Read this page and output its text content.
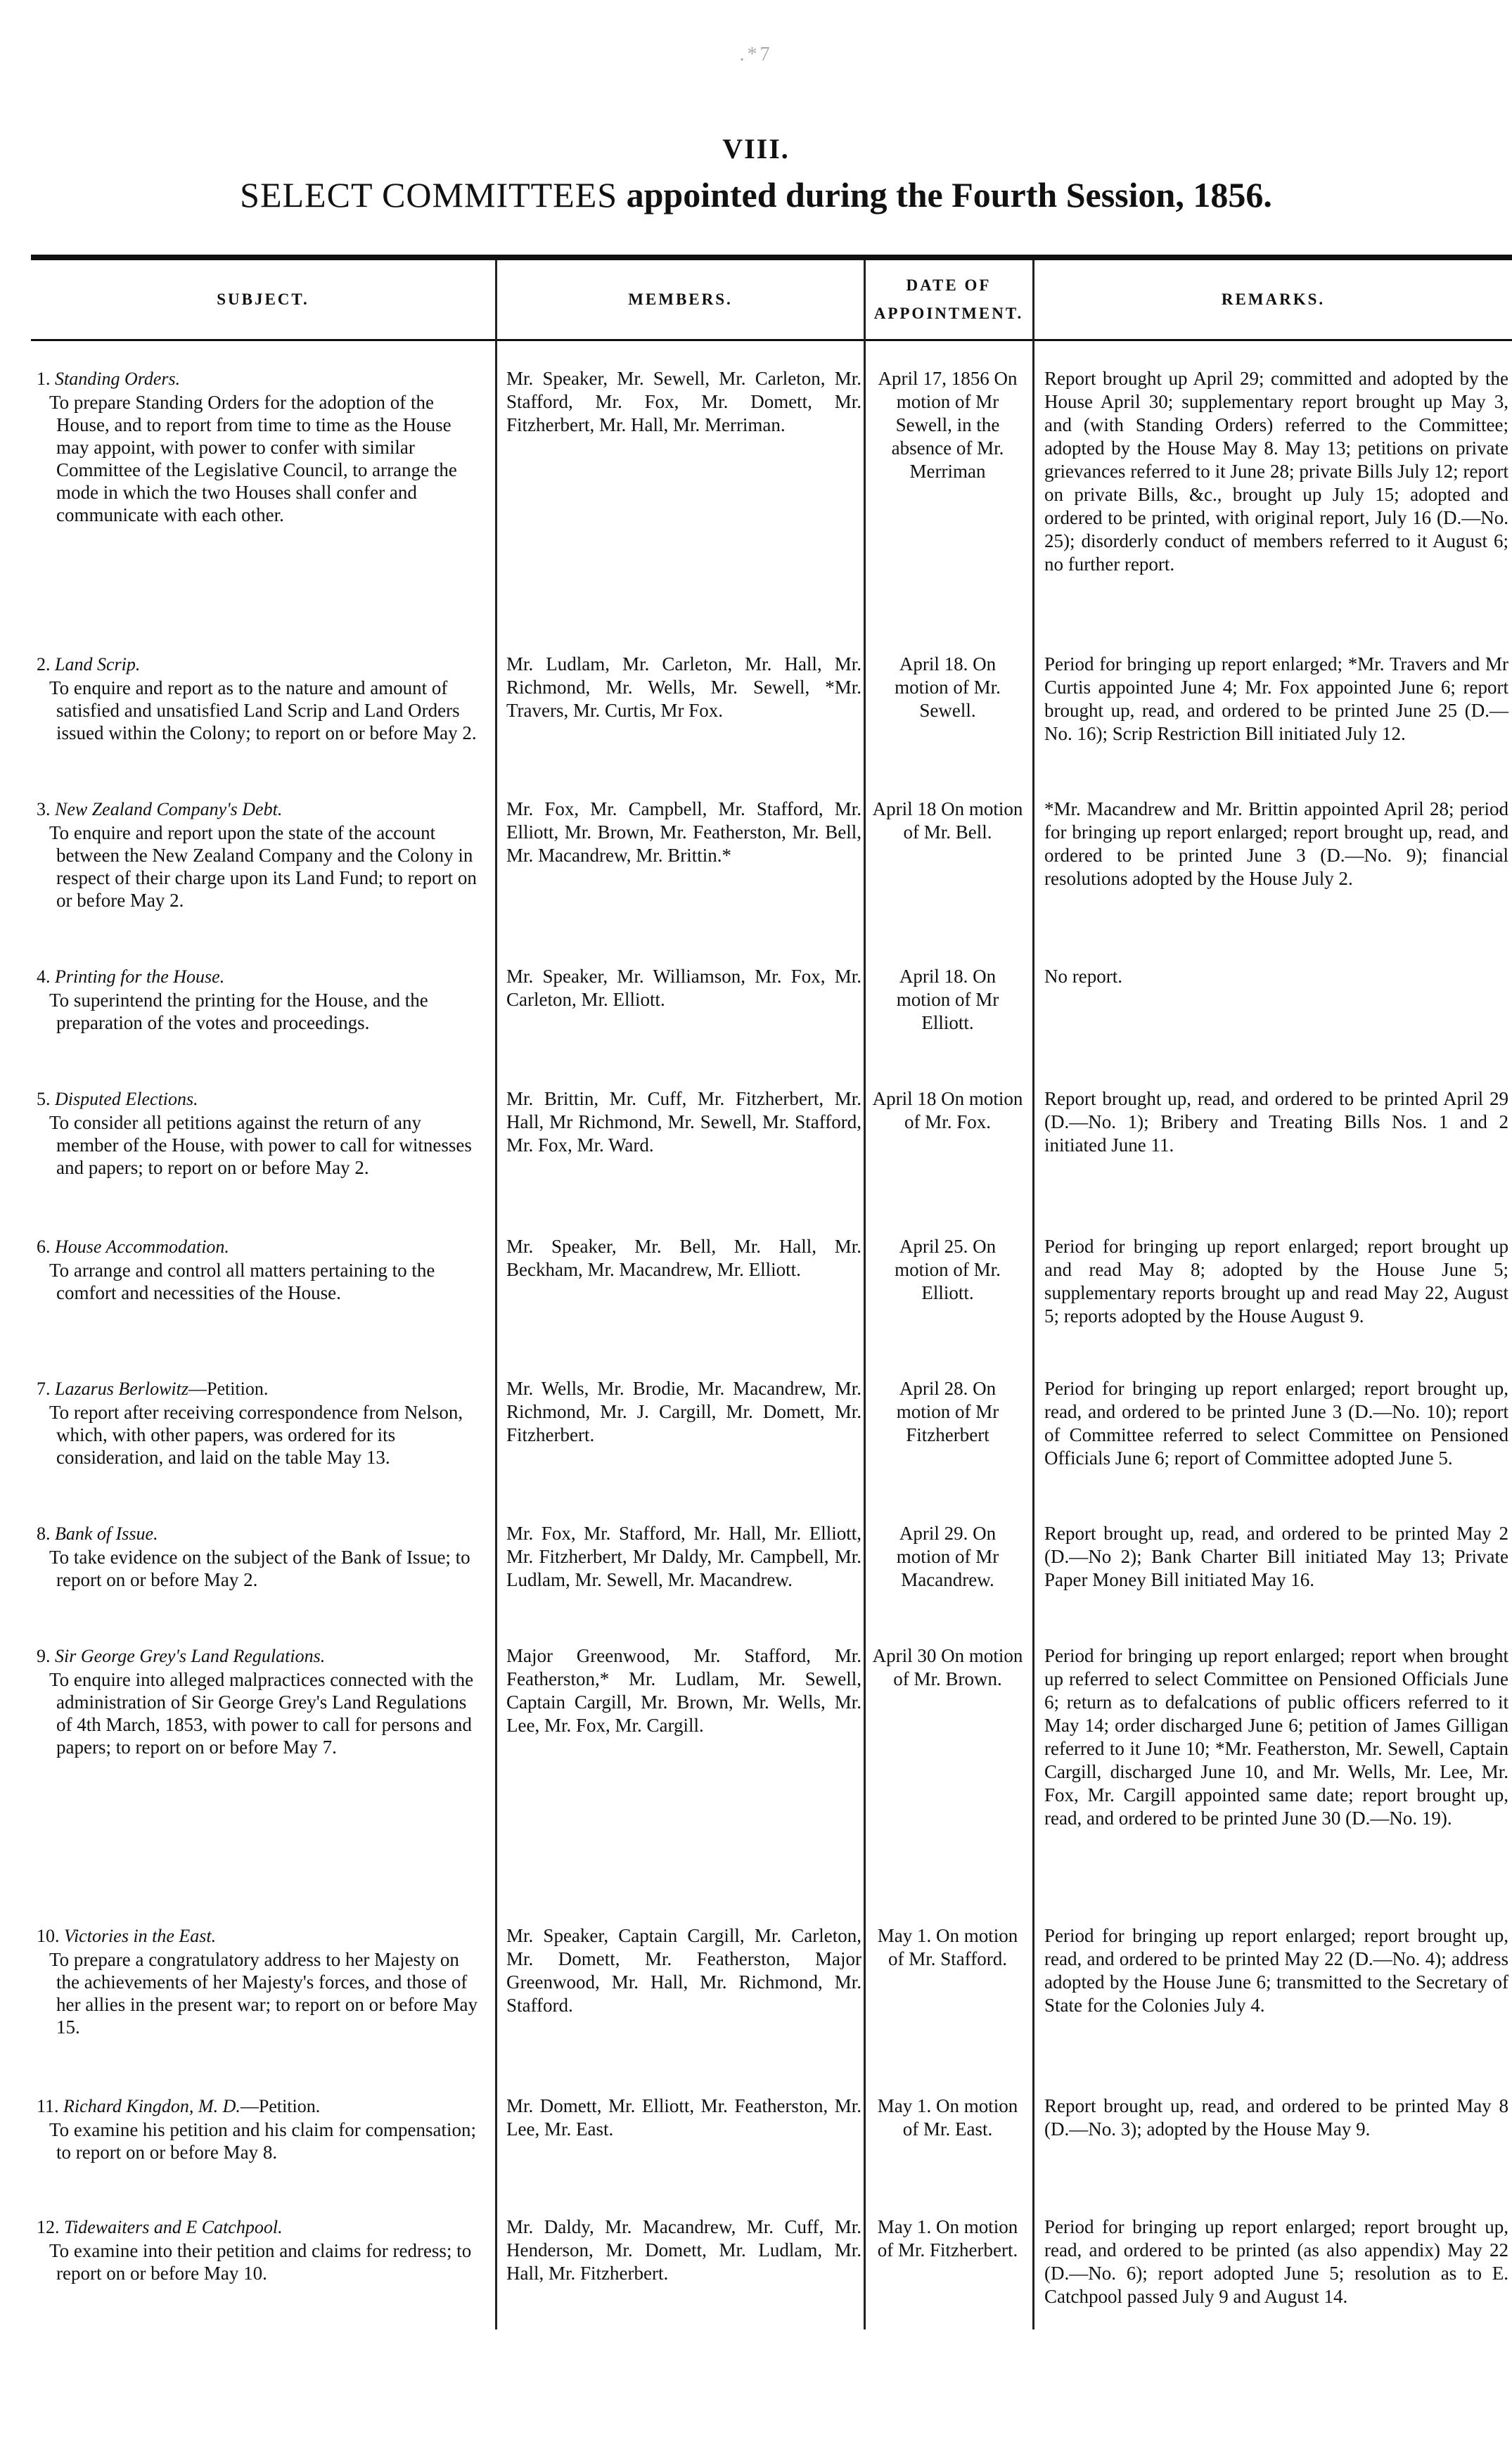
.*7
VIII.
SELECT COMMITTEES appointed during the Fourth Session, 1856.
SUBJECT.	MEMBERS.
DATE OF APPOINTMENT.
REMARKS.
1. Standing Orders.
To prepare Standing Orders for the adoption of the House, and to report from time to time as the House may appoint, with power to confer with similar Committee of the Legislative Council, to arrange the mode in which the two Houses shall confer and communicate with each other.
Mr. Speaker, Mr. Sewell, Mr. Carleton, Mr. Stafford, Mr. Fox, Mr. Domett, Mr. Fitzherbert, Mr. Hall, Mr. Merriman.
April 17, 1856 On motion of Mr Sewell, in the absence of Mr. Merriman
Report brought up April 29; committed and adopted by the House April 30; supplementary report brought up May 3, and (with Standing Orders) referred to the Committee; adopted by the House May 8. May 13; petitions on private grievances referred to it June 28; private Bills July 12; report on private Bills, &c., brought up July 15; adopted and ordered to be printed, with original report, July 16 (D.—No. 25); disorderly conduct of members referred to it August 6; no further report.
2. Land Scrip.
To enquire and report as to the nature and amount of satisfied and unsatisfied Land Scrip and Land Orders issued within the Colony; to report on or before May 2.
Mr. Ludlam, Mr. Carleton, Mr. Hall, Mr. Richmond, Mr. Wells, Mr. Sewell, *Mr. Travers, Mr. Curtis, Mr Fox.
April 18. On motion of Mr. Sewell.
Period for bringing up report enlarged; *Mr. Travers and Mr Curtis appointed June 4; Mr. Fox appointed June 6; report brought up, read, and ordered to be printed June 25 (D.—No. 16); Scrip Restriction Bill initiated July 12.
3. New Zealand Company's Debt.
To enquire and report upon the state of the account between the New Zealand Company and the Colony in respect of their charge upon its Land Fund; to report on or before May 2.
Mr. Fox, Mr. Campbell, Mr. Stafford, Mr. Elliott, Mr. Brown, Mr. Featherston, Mr. Bell, Mr. Macandrew, Mr. Brittin.*
April 18 On motion of Mr. Bell.
*Mr. Macandrew and Mr. Brittin appointed April 28; period for bringing up report enlarged; report brought up, read, and ordered to be printed June 3 (D.—No. 9); financial resolutions adopted by the House July 2.
4. Printing for the House.
To superintend the printing for the House, and the preparation of the votes and proceedings.
Mr. Speaker, Mr. Williamson, Mr. Fox, Mr. Carleton, Mr. Elliott.
April 18. On motion of Mr Elliott.
No report.
5. Disputed Elections.
To consider all petitions against the return of any member of the House, with power to call for witnesses and papers; to report on or before May 2.
Mr. Brittin, Mr. Cuff, Mr. Fitzherbert, Mr. Hall, Mr Richmond, Mr. Sewell, Mr. Stafford, Mr. Fox, Mr. Ward.
April 18 On motion of Mr. Fox.
Report brought up, read, and ordered to be printed April 29 (D.—No. 1); Bribery and Treating Bills Nos. 1 and 2 initiated June 11.
6. House Accommodation.
To arrange and control all matters pertaining to the comfort and necessities of the House.
Mr. Speaker, Mr. Bell, Mr. Hall, Mr. Beckham, Mr. Macandrew, Mr. Elliott.
April 25. On motion of Mr. Elliott.
Period for bringing up report enlarged; report brought up and read May 8; adopted by the House June 5; supplementary reports brought up and read May 22, August 5; reports adopted by the House August 9.
7. Lazarus Berlowitz—Petition.
To report after receiving correspondence from Nelson, which, with other papers, was ordered for its consideration, and laid on the table May 13.
Mr. Wells, Mr. Brodie, Mr. Macandrew, Mr. Richmond, Mr. J. Cargill, Mr. Domett, Mr. Fitzherbert.
April 28. On motion of Mr Fitzherbert
Period for bringing up report enlarged; report brought up, read, and ordered to be printed June 3 (D.—No. 10); report of Committee referred to select Committee on Pensioned Officials June 6; report of Committee adopted June 5.
8. Bank of Issue.
To take evidence on the subject of the Bank of Issue; to report on or before May 2.
Mr. Fox, Mr. Stafford, Mr. Hall, Mr. Elliott, Mr. Fitzherbert, Mr Daldy, Mr. Campbell, Mr. Ludlam, Mr. Sewell, Mr. Macandrew.
April 29. On motion of Mr Macandrew.
Report brought up, read, and ordered to be printed May 2 (D.—No 2); Bank Charter Bill initiated May 13; Private Paper Money Bill initiated May 16.
9. Sir George Grey's Land Regulations.
To enquire into alleged malpractices connected with the administration of Sir George Grey's Land Regulations of 4th March, 1853, with power to call for persons and papers; to report on or before May 7.
Major Greenwood, Mr. Stafford, Mr. Featherston,* Mr. Ludlam, Mr. Sewell, Captain Cargill, Mr. Brown, Mr. Wells, Mr. Lee, Mr. Fox, Mr. Cargill.
April 30 On motion of Mr. Brown.
Period for bringing up report enlarged; report when brought up referred to select Committee on Pensioned Officials June 6; return as to defalcations of public officers referred to it May 14; order discharged June 6; petition of James Gilligan referred to it June 10; *Mr. Featherston, Mr. Sewell, Captain Cargill, discharged June 10, and Mr. Wells, Mr. Lee, Mr. Fox, Mr. Cargill appointed same date; report brought up, read, and ordered to be printed June 30 (D.—No. 19).
10. Victories in the East.
To prepare a congratulatory address to her Majesty on the achievements of her Majesty's forces, and those of her allies in the present war; to report on or before May 15.
Mr. Speaker, Captain Cargill, Mr. Carleton, Mr. Domett, Mr. Featherston, Major Greenwood, Mr. Hall, Mr. Richmond, Mr. Stafford.
May 1. On motion of Mr. Stafford.
Period for bringing up report enlarged; report brought up, read, and ordered to be printed May 22 (D.—No. 4); address adopted by the House June 6; transmitted to the Secretary of State for the Colonies July 4.
11. Richard Kingdon, M. D.—Petition.
To examine his petition and his claim for compensation; to report on or before May 8.
Mr. Domett, Mr. Elliott, Mr. Featherston, Mr. Lee, Mr. East.
May 1. On motion of Mr. East.
Report brought up, read, and ordered to be printed May 8 (D.—No. 3); adopted by the House May 9.
12. Tidewaiters and E Catchpool.
To examine into their petition and claims for redress; to report on or before May 10.
Mr. Daldy, Mr. Macandrew, Mr. Cuff, Mr. Henderson, Mr. Domett, Mr. Ludlam, Mr. Hall, Mr. Fitzherbert.
May 1. On motion of Mr. Fitzherbert.
Period for bringing up report enlarged; report brought up, read, and ordered to be printed (as also appendix) May 22 (D.—No. 6); report adopted June 5; resolution as to E. Catchpool passed July 9 and August 14.
